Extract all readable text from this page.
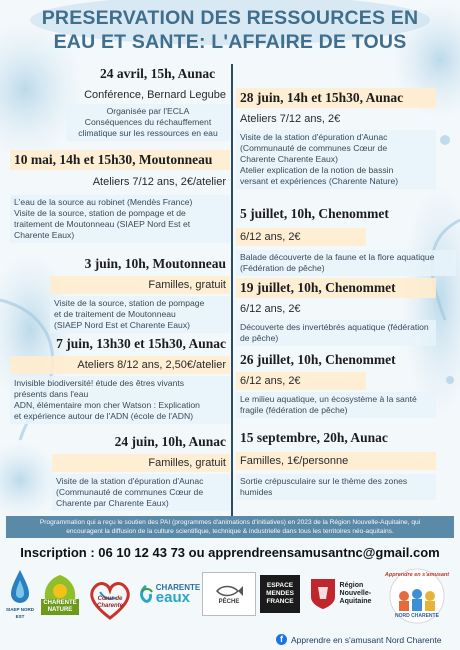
PRESERVATION DES RESSOURCES EN
EAU ET SANTE: L'AFFAIRE DE TOUS
24 avril, 15h, Aunac
Conférence, Bernard Legube
Organisée par l'ECLA
Conséquences du réchauffement
climatique sur les ressources en eau
10 mai, 14h et 15h30, Moutonneau
Ateliers 7/12 ans, 2€/atelier
L'eau de la source au robinet (Mendès France)
Visite de la source, station de pompage et de
traitement de Moutonneau (SIAEP Nord Est et
Charente Eaux)
3 juin, 10h, Moutonneau
Familles, gratuit
Visite de la source, station de pompage
et de traitement de Moutonneau
(SIAEP Nord Est et Charente Eaux)
7 juin, 13h30 et 15h30, Aunac
Ateliers 8/12 ans, 2,50€/atelier
Invisible biodiversité! étude des êtres vivants
présents dans l'eau
ADN, élémentaire mon cher Watson : Explication
et expérience autour de l'ADN (école de l'ADN)
24 juin, 10h, Aunac
Familles, gratuit
Visite de la station d'épuration d'Aunac
(Communauté de communes Cœur de
Charente par Charente Eaux)
28 juin, 14h et 15h30, Aunac
Ateliers 7/12 ans, 2€
Visite de la station d'épuration d'Aunac
(Communauté de communes Cœur de
Charente Charente Eaux)
Atelier explication de la notion de bassin
versant et expériences (Charente Nature)
5 juillet, 10h, Chenommet
6/12 ans, 2€
Balade découverte de la faune et la flore aquatique
(Fédération de pêche)
19 juillet, 10h, Chenommet
6/12 ans, 2€
Découverte des invertébrés aquatique (fédération
de pêche)
26 juillet, 10h, Chenommet
6/12 ans, 2€
Le milieu aquatique, un écosystème à la santé
fragile (fédération de pêche)
15 septembre, 20h, Aunac
Familles, 1€/personne
Sortie crépusculaire sur le thème des zones
humides
Programmation qui a reçu le soutien des PAI (programmes d'animations d'initiatives) en 2023 de la Région Nouvelle-Aquitaine, qui
encouragent la diffusion de la culture scientifique, technique & industrielle dans tous les territoires néo-aquitains.
Inscription : 06 10 12 43 73 ou apprendreensamusantnc@gmail.com
SIAEP NORD EST
CHARENTE
NATURE
Cœur de Charente
CHARENTE
eaux	PÊCHE
ESPACE
MENDES
FRANCE
Région
Nouvelle-
Aquitaine
Apprendre en s'amusant
NORD CHARENTE
f Apprendre en s'amusant Nord Charente
